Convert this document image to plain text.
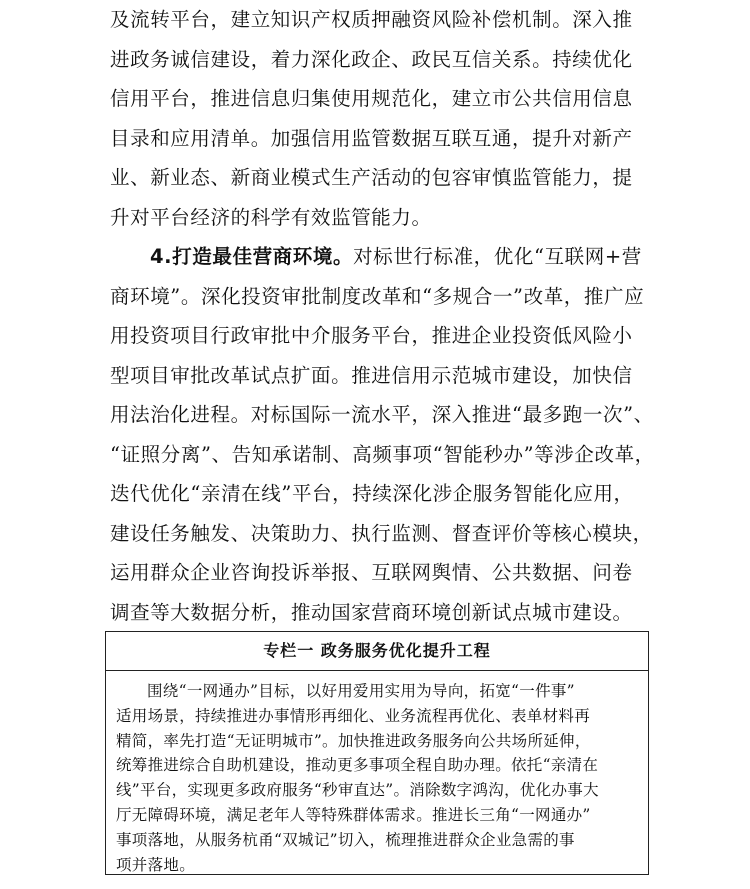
及流转平台，建立知识产权质押融资风险补偿机制。深入推
进政务诚信建设，着力深化政企、政民互信关系。持续优化
信用平台，推进信息归集使用规范化，建立市公共信用信息
目录和应用清单。加强信用监管数据互联互通，提升对新产
业、新业态、新商业模式生产活动的包容审慎监管能力，提
升对平台经济的科学有效监管能力。
4.打造最佳营商环境。对标世行标准，优化“互联网+营
商环境”。深化投资审批制度改革和“多规合一”改革，推广应
用投资项目行政审批中介服务平台，推进企业投资低风险小
型项目审批改革试点扩面。推进信用示范城市建设，加快信
用法治化进程。对标国际一流水平，深入推进“最多跑一次”、
“证照分离”、告知承诺制、高频事项“智能秒办”等涉企改革，
迭代优化“亲清在线”平台，持续深化涉企服务智能化应用，
建设任务触发、决策助力、执行监测、督查评价等核心模块，
运用群众企业咨询投诉举报、互联网舆情、公共数据、问卷
调查等大数据分析，推动国家营商环境创新试点城市建设。
专栏一 政务服务优化提升工程
围绕“一网通办”目标，以好用爱用实用为导向，拓宽“一件事”
适用场景，持续推进办事情形再细化、业务流程再优化、表单材料再
精简，率先打造“无证明城市”。加快推进政务服务向公共场所延伸，
统筹推进综合自助机建设，推动更多事项全程自助办理。依托“亲清在
线”平台，实现更多政府服务“秒审直达”。消除数字鸿沟，优化办事大
厅无障碍环境，满足老年人等特殊群体需求。推进长三角“一网通办”
事项落地，从服务杭甬“双城记”切入，梳理推进群众企业急需的事
项并落地。
